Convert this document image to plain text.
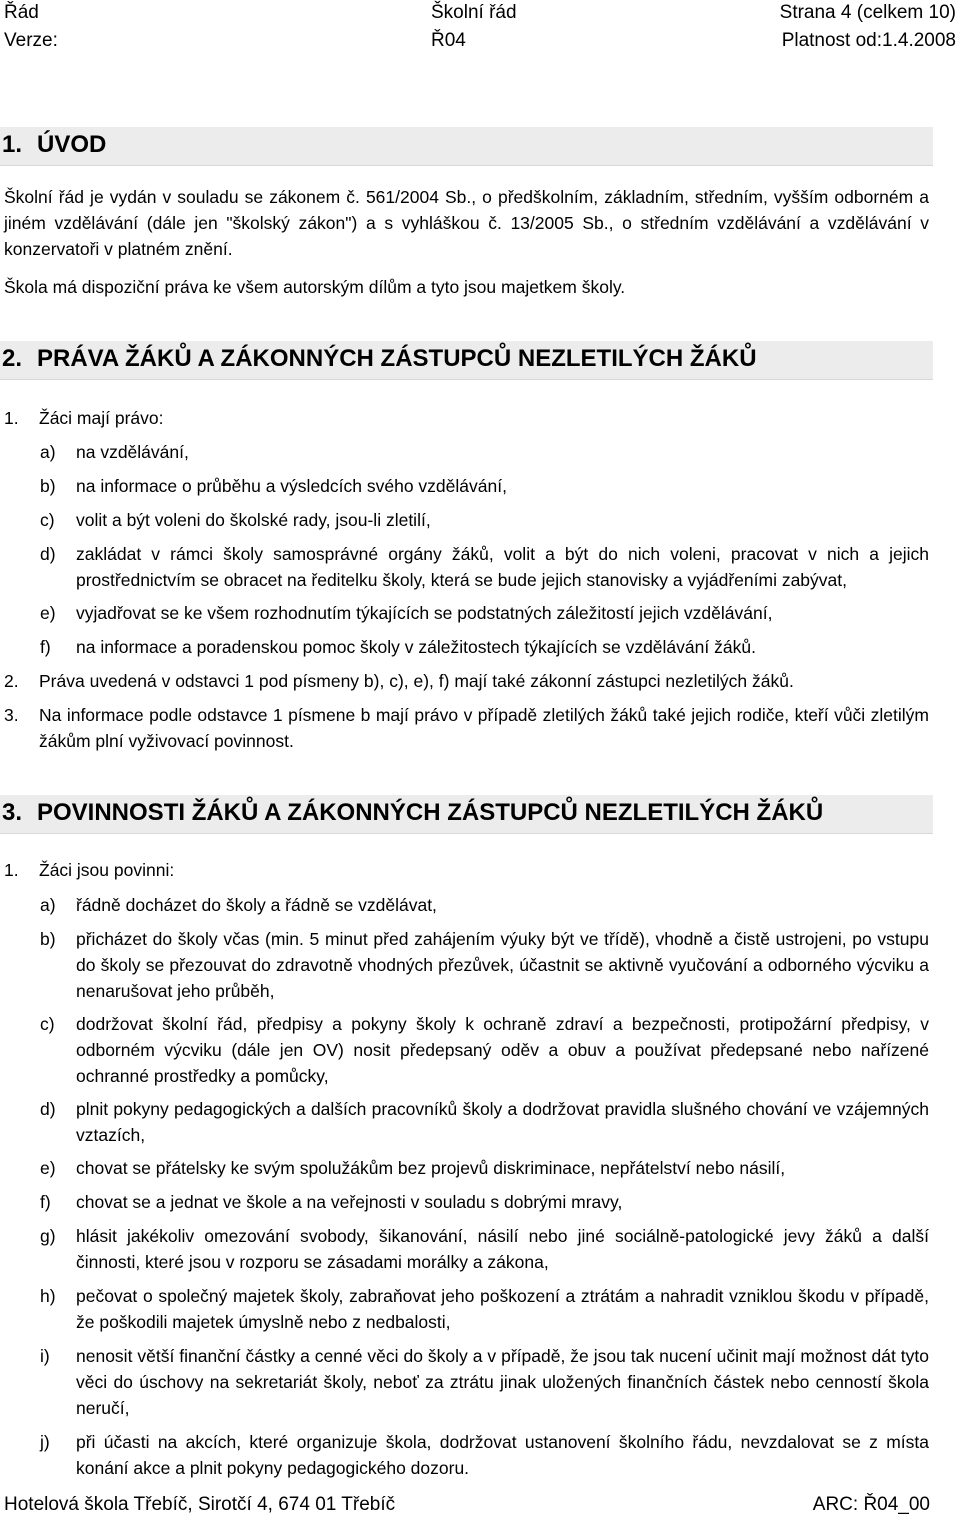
Řád	Školní řád	Strana 4 (celkem 10)
Verze:	Ř04	Platnost od:1.4.2008
1. ÚVOD
Školní řád je vydán v souladu se zákonem č. 561/2004 Sb., o předškolním, základním, středním, vyšším odborném a jiném vzdělávání (dále jen "školský zákon") a s vyhláškou č. 13/2005 Sb., o středním vzdělávání a vzdělávání v konzervatoři v platném znění.
Škola má dispoziční práva ke všem autorským dílům a tyto jsou majetkem školy.
2. PRÁVA ŽÁKŮ A ZÁKONNÝCH ZÁSTUPCŮ NEZLETILÝCH ŽÁKŮ
1.	Žáci mají právo:
a)	na vzdělávání,
b)	na informace o průběhu a výsledcích svého vzdělávání,
c)	volit a být voleni do školské rady, jsou-li zletilí,
d)	zakládat v rámci školy samosprávné orgány žáků, volit a být do nich voleni, pracovat v nich a jejich prostřednictvím se obracet na ředitelku školy, která se bude jejich stanovisky a vyjádřeními zabývat,
e)	vyjadřovat se ke všem rozhodnutím týkajících se podstatných záležitostí jejich vzdělávání,
f)	na informace a poradenskou pomoc školy v záležitostech týkajících se vzdělávání žáků.
2.	Práva uvedená v odstavci 1 pod písmeny b), c), e), f) mají také zákonní zástupci nezletilých žáků.
3.	Na informace podle odstavce 1 písmene b mají právo v případě zletilých žáků také jejich rodiče, kteří vůči zletilým žákům plní vyživovací povinnost.
3. POVINNOSTI ŽÁKŮ A ZÁKONNÝCH ZÁSTUPCŮ NEZLETILÝCH ŽÁKŮ
1.	Žáci jsou povinni:
a)	řádně docházet do školy a řádně se vzdělávat,
b)	přicházet do školy včas (min. 5 minut před zahájením výuky být ve třídě), vhodně a čistě ustrojeni, po vstupu do školy se přezouvat do zdravotně vhodných přezůvek, účastnit se aktivně vyučování a odborného výcviku a nenarušovat jeho průběh,
c)	dodržovat školní řád, předpisy a pokyny školy k ochraně zdraví a bezpečnosti, protipožární předpisy, v odborném výcviku (dále jen OV) nosit předepsaný oděv a obuv a používat předepsané nebo nařízené ochranné prostředky a pomůcky,
d)	plnit pokyny pedagogických a dalších pracovníků školy a dodržovat pravidla slušného chování ve vzájemných vztazích,
e)	chovat se přátelsky ke svým spolužákům bez projevů diskriminace, nepřátelství nebo násilí,
f)	chovat se a jednat ve škole a na veřejnosti v souladu s dobrými mravy,
g)	hlásit jakékoliv omezování svobody, šikanování, násilí nebo jiné sociálně-patologické jevy žáků a další činnosti, které jsou v rozporu se zásadami morálky a zákona,
h)	pečovat o společný majetek školy, zabraňovat jeho poškození a ztrátám a nahradit vzniklou škodu v případě, že poškodili majetek úmyslně nebo z nedbalosti,
i)	nenosit větší finanční částky a cenné věci do školy a v případě, že jsou tak nucení učinit mají možnost dát tyto věci do úschovy na sekretariát školy, neboť za ztrátu jinak uložených finančních částek nebo cenností škola neručí,
j)	při účasti na akcích, které organizuje škola, dodržovat ustanovení školního řádu, nevzdalovat se z místa konání akce a plnit pokyny pedagogického dozoru.
Hotelová škola Třebíč, Sirotčí 4, 674 01 Třebíč	ARC: Ř04_00
